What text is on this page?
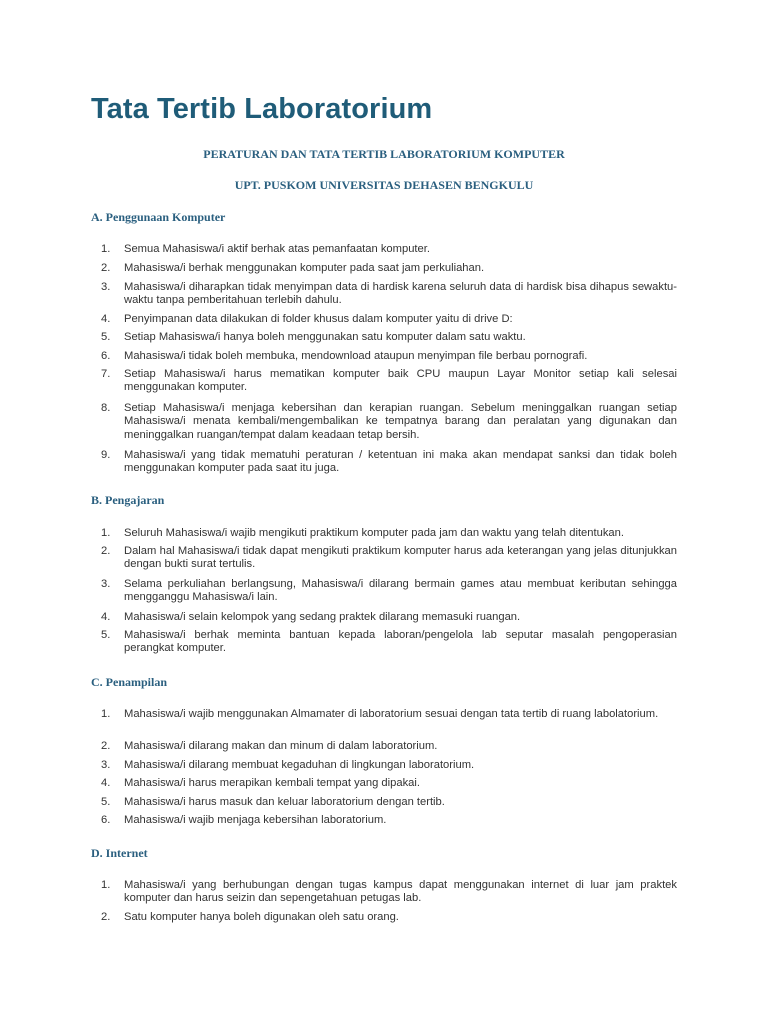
Tata Tertib Laboratorium
PERATURAN DAN TATA TERTIB LABORATORIUM KOMPUTER
UPT. PUSKOM UNIVERSITAS DEHASEN BENGKULU
A. Penggunaan Komputer
1. Semua Mahasiswa/i aktif berhak atas pemanfaatan komputer.
2. Mahasiswa/i berhak menggunakan komputer pada saat jam perkuliahan.
3. Mahasiswa/i diharapkan tidak menyimpan data di hardisk karena seluruh data di hardisk bisa dihapus sewaktu-waktu tanpa pemberitahuan terlebih dahulu.
4. Penyimpanan data dilakukan di folder khusus dalam komputer yaitu di drive D:
5. Setiap Mahasiswa/i hanya boleh menggunakan satu komputer dalam satu waktu.
6. Mahasiswa/i tidak boleh membuka, mendownload ataupun menyimpan file berbau pornografi.
7. Setiap Mahasiswa/i harus mematikan komputer baik CPU maupun Layar Monitor setiap kali selesai menggunakan komputer.
8. Setiap Mahasiswa/i menjaga kebersihan dan kerapian ruangan. Sebelum meninggalkan ruangan setiap Mahasiswa/i menata kembali/mengembalikan ke tempatnya barang dan peralatan yang digunakan dan meninggalkan ruangan/tempat dalam keadaan tetap bersih.
9. Mahasiswa/i yang tidak mematuhi peraturan / ketentuan ini maka akan mendapat sanksi dan tidak boleh menggunakan komputer pada saat itu juga.
B. Pengajaran
1. Seluruh Mahasiswa/i wajib mengikuti praktikum komputer pada jam dan waktu yang telah ditentukan.
2. Dalam hal Mahasiswa/i tidak dapat mengikuti praktikum komputer harus ada keterangan yang jelas ditunjukkan dengan bukti surat tertulis.
3. Selama perkuliahan berlangsung, Mahasiswa/i dilarang bermain games atau membuat keributan sehingga mengganggu Mahasiswa/i lain.
4. Mahasiswa/i selain kelompok yang sedang praktek dilarang memasuki ruangan.
5. Mahasiswa/i berhak meminta bantuan kepada laboran/pengelola lab seputar masalah pengoperasian perangkat komputer.
C. Penampilan
1. Mahasiswa/i wajib menggunakan Almamater di laboratorium sesuai dengan tata tertib di ruang labolatorium.
2. Mahasiswa/i dilarang makan dan minum di dalam laboratorium.
3. Mahasiswa/i dilarang membuat kegaduhan di lingkungan laboratorium.
4. Mahasiswa/i harus merapikan kembali tempat yang dipakai.
5. Mahasiswa/i harus masuk dan keluar laboratorium dengan tertib.
6. Mahasiswa/i wajib menjaga kebersihan laboratorium.
D. Internet
1. Mahasiswa/i yang berhubungan dengan tugas kampus dapat menggunakan internet di luar jam praktek komputer dan harus seizin dan sepengetahuan petugas lab.
2. Satu komputer hanya boleh digunakan oleh satu orang.
